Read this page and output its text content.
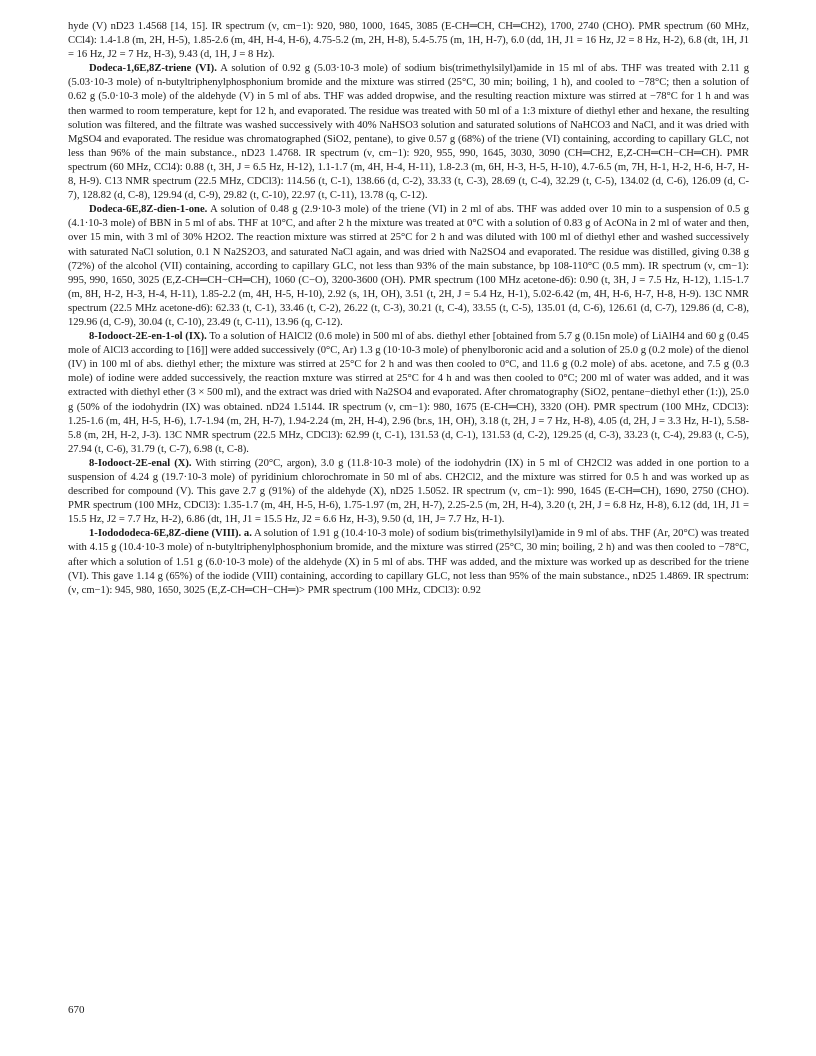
hyde (V) nD23 1.4568 [14, 15]. IR spectrum (ν, cm−1): 920, 980, 1000, 1645, 3085 (E-CH═CH, CH═CH2), 1700, 2740 (CHO). PMR spectrum (60 MHz, CCl4): 1.4-1.8 (m, 2H, H-5), 1.85-2.6 (m, 4H, H-4, H-6), 4.75-5.2 (m, 2H, H-8), 5.4-5.75 (m, 1H, H-7), 6.0 (dd, 1H, J1 = 16 Hz, J2 = 8 Hz, H-2), 6.8 (dt, 1H, J1 = 16 Hz, J2 = 7 Hz, H-3), 9.43 (d, 1H, J = 8 Hz).

Dodeca-1,6E,8Z-triene (VI). A solution of 0.92 g (5.03·10-3 mole) of sodium bis(trimethylsilyl)amide in 15 ml of abs. THF was treated with 2.11 g (5.03·10-3 mole) of n-butyltriphenylphosphonium bromide and the mixture was stirred (25°C, 30 min; boiling, 1 h), and cooled to −78°C; then a solution of 0.62 g (5.0·10-3 mole) of the aldehyde (V) in 5 ml of abs. THF was added dropwise, and the resulting reaction mixture was stirred at −78°C for 1 h and was then warmed to room temperature, kept for 12 h, and evaporated. The residue was treated with 50 ml of a 1:3 mixture of diethyl ether and hexane, the resulting solution was filtered, and the filtrate was washed successively with 40% NaHSO3 solution and saturated solutions of NaHCO3 and NaCl, and it was dried with MgSO4 and evaporated. The residue was chromatographed (SiO2, pentane), to give 0.57 g (68%) of the triene (VI) containing, according to capillary GLC, not less than 96% of the main substance., nD23 1.4768. IR spectrum (ν, cm−1): 920, 955, 990, 1645, 3030, 3090 (CH═CH2, E,Z-CH═CH−CH═CH). PMR spectrum (60 MHz, CCl4): 0.88 (t, 3H, J = 6.5 Hz, H-12), 1.1-1.7 (m, 4H, H-4, H-11), 1.8-2.3 (m, 6H, H-3, H-5, H-10), 4.7-6.5 (m, 7H, H-1, H-2, H-6, H-7, H-8, H-9). C13 NMR spectrum (22.5 MHz, CDCl3): 114.56 (t, C-1), 138.66 (d, C-2), 33.33 (t, C-3), 28.69 (t, C-4), 32.29 (t, C-5), 134.02 (d, C-6), 126.09 (d, C-7), 128.82 (d, C-8), 129.94 (d, C-9), 29.82 (t, C-10), 22.97 (t, C-11), 13.78 (q, C-12).

Dodeca-6E,8Z-dien-1-one. A solution of 0.48 g (2.9·10-3 mole) of the triene (VI) in 2 ml of abs. THF was added over 10 min to a suspension of 0.5 g (4.1·10-3 mole) of BBN in 5 ml of abs. THF at 10°C, and after 2 h the mixture was treated at 0°C with a solution of 0.83 g of AcONa in 2 ml of water and then, over 15 min, with 3 ml of 30% H2O2. The reaction mixture was stirred at 25°C for 2 h and was diluted with 100 ml of diethyl ether and washed successively with saturated NaCl solution, 0.1 N Na2S2O3, and saturated NaCl again, and was dried with Na2SO4 and evaporated. The residue was distilled, giving 0.38 g (72%) of the alcohol (VII) containing, according to capillary GLC, not less than 93% of the main substance, bp 108-110°C (0.5 mm). IR spectrum (ν, cm−1): 995, 990, 1650, 3025 (E,Z-CH═CH−CH═CH), 1060 (C−O), 3200-3600 (OH). PMR spectrum (100 MHz acetone-d6): 0.90 (t, 3H, J = 7.5 Hz, H-12), 1.15-1.7 (m, 8H, H-2, H-3, H-4, H-11), 1.85-2.2 (m, 4H, H-5, H-10), 2.92 (s, 1H, OH), 3.51 (t, 2H, J = 5.4 Hz, H-1), 5.02-6.42 (m, 4H, H-6, H-7, H-8, H-9). 13C NMR spectrum (22.5 MHz acetone-d6): 62.33 (t, C-1), 33.46 (t, C-2), 26.22 (t, C-3), 30.21 (t, C-4), 33.55 (t, C-5), 135.01 (d, C-6), 126.61 (d, C-7), 129.86 (d, C-8), 129.96 (d, C-9), 30.04 (t, C-10), 23.49 (t, C-11), 13.96 (q, C-12).

8-Iodooct-2E-en-1-ol (IX). To a solution of HAlCl2 (0.6 mole) in 500 ml of abs. diethyl ether [obtained from 5.7 g (0.15n mole) of LiAlH4 and 60 g (0.45 mole of AlCl3 according to [16]] were added successively (0°C, Ar) 1.3 g (10·10-3 mole) of phenylboronic acid and a solution of 25.0 g (0.2 mole) of the dienol (IV) in 100 ml of abs. diethyl ether; the mixture was stirred at 25°C for 2 h and was then cooled to 0°C, and 11.6 g (0.2 mole) of abs. acetone, and 7.5 g (0.3 mole) of iodine were added successively, the reaction mxture was stirred at 25°C for 4 h and was then cooled to 0°C; 200 ml of water was added, and it was extracted with diethyl ether (3 × 500 ml), and the extract was dried with Na2SO4 and evaporated. After chromatography (SiO2, pentane−diethyl ether (1:)), 25.0 g (50% of the iodohydrin (IX) was obtained. nD24 1.5144. IR spectrum (ν, cm−1): 980, 1675 (E-CH═CH), 3320 (OH). PMR spectrum (100 MHz, CDCl3): 1.25-1.6 (m, 4H, H-5, H-6), 1.7-1.94 (m, 2H, H-7), 1.94-2.24 (m, 2H, H-4), 2.96 (br.s, 1H, OH), 3.18 (t, 2H, J = 7 Hz, H-8), 4.05 (d, 2H, J = 3.3 Hz, H-1), 5.58-5.8 (m, 2H, H-2, J-3). 13C NMR spectrum (22.5 MHz, CDCl3): 62.99 (t, C-1), 131.53 (d, C-1), 131.53 (d, C-2), 129.25 (d, C-3), 33.23 (t, C-4), 29.83 (t, C-5), 27.94 (t, C-6), 31.79 (t, C-7), 6.98 (t, C-8).

8-Iodooct-2E-enal (X). With stirring (20°C, argon), 3.0 g (11.8·10-3 mole) of the iodohydrin (IX) in 5 ml of CH2Cl2 was added in one portion to a suspension of 4.24 g (19.7·10-3 mole) of pyridinium chlorochromate in 50 ml of abs. CH2Cl2, and the mixture was stirred for 0.5 h and was worked up as described for compound (V). This gave 2.7 g (91%) of the aldehyde (X), nD25 1.5052. IR spectrum (ν, cm−1): 990, 1645 (E-CH═CH), 1690, 2750 (CHO). PMR spectrum (100 MHz, CDCl3): 1.35-1.7 (m, 4H, H-5, H-6), 1.75-1.97 (m, 2H, H-7), 2.25-2.5 (m, 2H, H-4), 3.20 (t, 2H, J = 6.8 Hz, H-8), 6.12 (dd, 1H, J1 = 15.5 Hz, J2 = 7.7 Hz, H-2), 6.86 (dt, 1H, J1 = 15.5 Hz, J2 = 6.6 Hz, H-3), 9.50 (d, 1H, J= 7.7 Hz, H-1).

1-Iodododeca-6E,8Z-diene (VIII). a. A solution of 1.91 g (10.4·10-3 mole) of sodium bis(trimethylsilyl)amide in 9 ml of abs. THF (Ar, 20°C) was treated with 4.15 g (10.4·10-3 mole) of n-butyltriphenylphosphonium bromide, and the mixture was stirred (25°C, 30 min; boiling, 2 h) and was then cooled to −78°C, after which a solution of 1.51 g (6.0·10-3 mole) of the aldehyde (X) in 5 ml of abs. THF was added, and the mixture was worked up as described for the triene (VI). This gave 1.14 g (65%) of the iodide (VIII) containing, according to capillary GLC, not less than 95% of the main substance., nD25 1.4869. IR spectrum: (ν, cm−1): 945, 980, 1650, 3025 (E,Z-CH═CH−CH═)> PMR spectrum (100 MHz, CDCl3): 0.92

670
